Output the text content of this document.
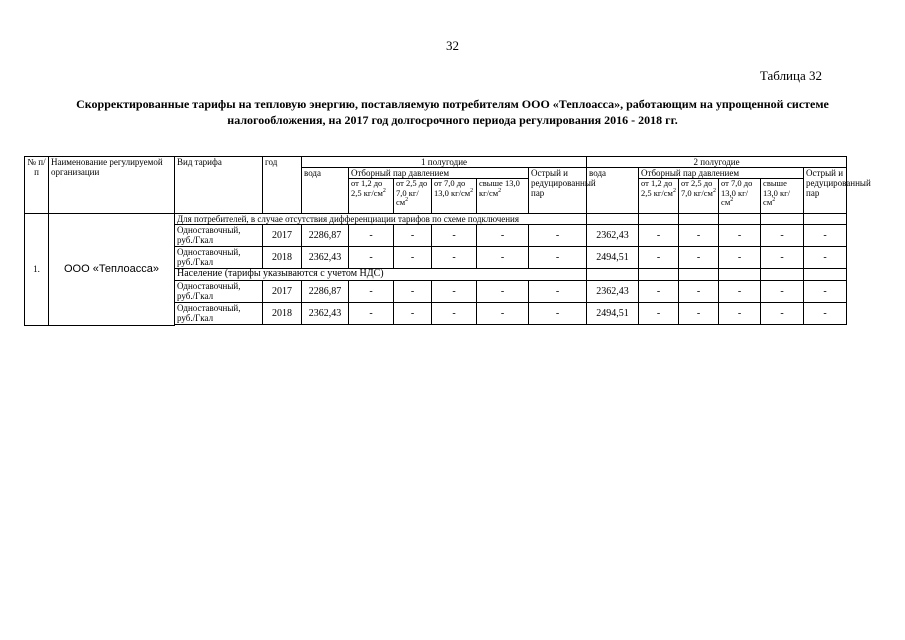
32
Таблица 32
Скорректированные тарифы на тепловую энергию, поставляемую потребителям ООО «Теплоасса», работающим на упрощенной системе налогообложения, на 2017 год долгосрочного периода регулирования 2016 - 2018 гг.
№ п/п	Наименование регулируемой организации	Вид тарифа	год	1 полугодие						2 полугодие					
				вода	Отборный пар давлением				Острый и редуцированный пар	вода	Отборный пар давлением				Острый и редуцированный пар
					от 1,2 до 2,5 $кг/см^2$	от 2,5 до 7,0 $кг/см^2$	от 7,0 до 13,0 $кг/см^2$	свыше 13,0 $кг/см^2$			от 1,2 до 2,5 $кг/см^2$	от 2,5 до 7,0 $кг/см^2$	от 7,0 до 13,0 $кг/см^2$	свыше 13,0 $кг/см^2$
1.	ООО «Теплоасса»	Для потребителей, в случае отсутствия дифференциации тарифов по схеме подключения													
		Одноставочный, руб./Гкал	2017	2286,87	-	-	-	-	-	2362,43	-	-	-	-	-
		Одноставочный, руб./Гкал	2018	2362,43	-	-	-	-	-	2494,51	-	-	-	-	-
		Население (тарифы указываются с учетом НДС)													
		Одноставочный, руб./Гкал	2017	2286,87	-	-	-	-	-	2362,43	-	-	-	-	-
		Одноставочный, руб./Гкал	2018	2362,43	-	-	-	-	-	2494,51	-	-	-	-	-
